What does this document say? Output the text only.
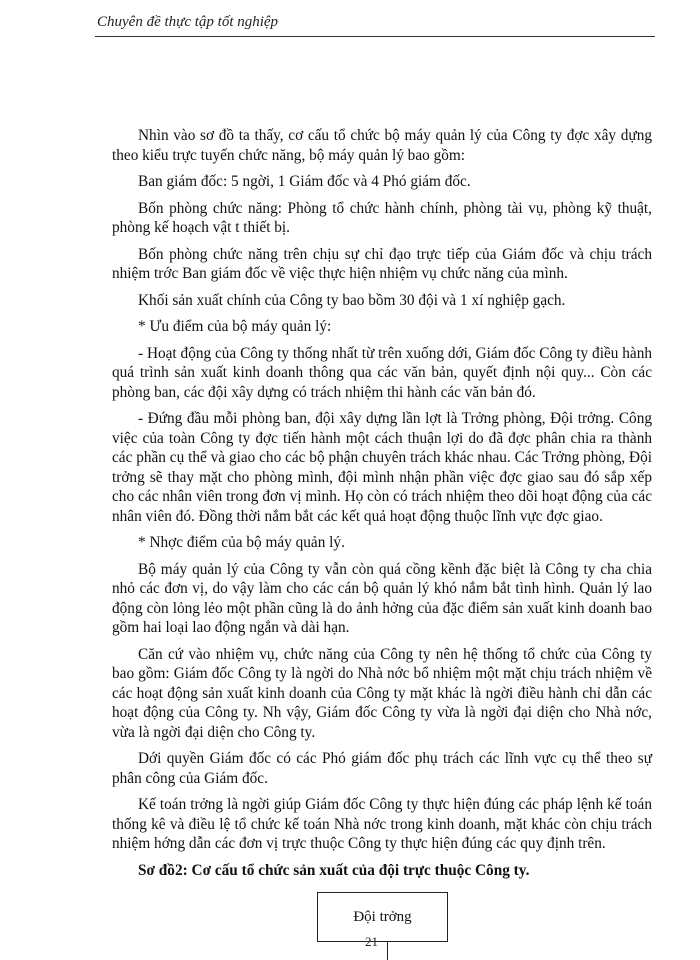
Chuyên đề thực tập tốt nghiệp

Nhìn vào sơ đồ ta thấy, cơ cấu tổ chức bộ máy quản lý của Công ty đợc xây dựng theo kiểu trực tuyến chức năng, bộ máy quản lý bao gồm:

Ban giám đốc: 5 ngời, 1 Giám đốc và 4 Phó giám đốc.

Bốn phòng chức năng: Phòng tổ chức hành chính, phòng tài vụ, phòng kỹ thuật, phòng kế hoạch vật t thiết bị.

Bốn phòng chức năng trên chịu sự chỉ đạo trực tiếp của Giám đốc và chịu trách nhiệm trớc Ban giám đốc về việc thực hiện nhiệm vụ chức năng của mình.

Khối sản xuất chính của Công ty bao bồm 30 đội và 1 xí nghiệp gạch.

* Ưu điểm của bộ máy quản lý:

- Hoạt động của Công ty thống nhất từ trên xuống dới, Giám đốc Công ty điều hành quá trình sản xuất kinh doanh thông qua các văn bản, quyết định nội quy... Còn các phòng ban, các đội xây dựng có trách nhiệm thi hành các văn bản đó.

- Đứng đầu mỗi phòng ban, đội xây dựng lần lợt là Trởng phòng, Đội trởng. Công việc của toàn Công ty đợc tiến hành một cách thuận lợi do đã đợc phân chia ra thành các phần cụ thể và giao cho các bộ phận chuyên trách khác nhau. Các Trởng phòng, Đội trởng sẽ thay mặt cho phòng mình, đội mình nhận phần việc đợc giao sau đó sắp xếp cho các nhân viên trong đơn vị mình. Họ còn có trách nhiệm theo dõi hoạt động của các nhân viên đó. Đồng thời nắm bắt các kết quả hoạt động thuộc lĩnh vực đợc giao.

* Nhợc điểm của bộ máy quản lý.

Bộ máy quản lý của Công ty vẫn còn quá cồng kềnh đặc biệt là Công ty cha chia nhỏ các đơn vị, do vậy làm cho các cán bộ quản lý khó nắm bắt tình hình. Quản lý lao động còn lỏng lẻo một phần cũng là do ảnh hởng của đặc điểm sản xuất kinh doanh bao gồm hai loại lao động ngắn và dài hạn.

Căn cứ vào nhiệm vụ, chức năng của Công ty nên hệ thống tổ chức của Công ty bao gồm: Giám đốc Công ty là ngời do Nhà nớc bổ nhiệm một mặt chịu trách nhiệm về các hoạt động sản xuất kinh doanh của Công ty mặt khác là ngời điều hành chỉ dẫn các hoạt động của Công ty. Nh vậy, Giám đốc Công ty vừa là ngời đại diện cho Nhà nớc, vừa là ngời đại diện cho Công ty.

Dới quyền Giám đốc có các Phó giám đốc phụ trách các lĩnh vực cụ thể theo sự phân công của Giám đốc.

Kế toán trởng là ngời giúp Giám đốc Công ty thực hiện đúng các pháp lệnh kế toán thống kê và điều lệ tổ chức kế toán Nhà nớc trong kinh doanh, mặt khác còn chịu trách nhiệm hớng dẫn các đơn vị trực thuộc Công ty thực hiện đúng các quy định trên.

Sơ đồ2: Cơ cấu tổ chức sản xuất của đội trực thuộc Công ty.

Đội trởng
21
